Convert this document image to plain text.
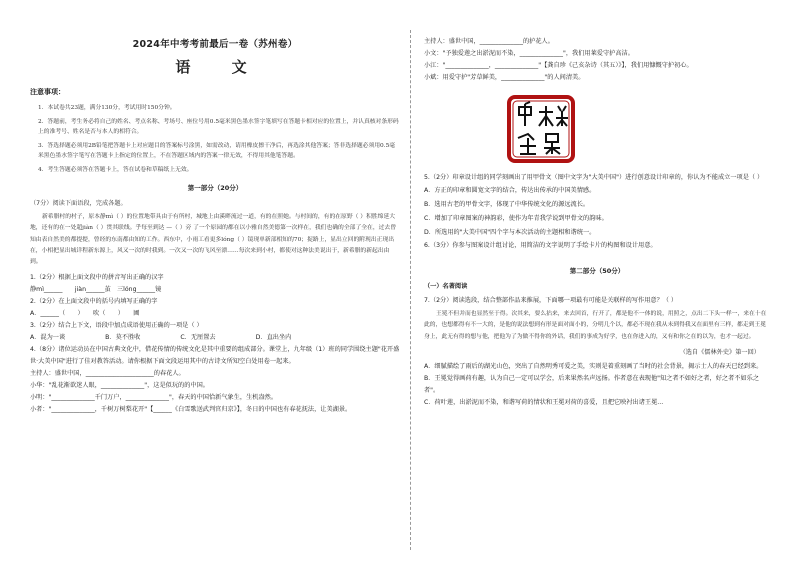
2024年中考考前最后一卷（苏州卷）
语 文
注意事项：
1．本试卷共23题，满分130分，考试用时150分钟。
2．答题前，考生务必将自己的姓名、考点名称、考场号、座位号用0.5毫米黑色墨水签字笔填写在答题卡相对应的位置上，并认真核对条形码上的准考号、姓名是否与本人的相符合。
3．答选择题必须用2B铅笔把答题卡上对应题目的答案标号涂黑，如需改动，请用橡皮擦干净后，再选涂其他答案；答非选择题必须用0.5毫米黑色墨水签字笔写在答题卡上指定的位置上，不在答题区域内的答案一律无效，不得用其他笔答题。
4．考生答题必须答在答题卡上，答在试卷和草稿纸上无效。
第一部分（20分）

（7分）阅读下面语段，完成各题。

新希腊村的村子，原本静mì（ ）的位置地带具由于有所村，城地上由溪畔流过一道，有的在照她。与村间的，有的在原野（ ）积胜绵延大地，还有的在一处超jiàn（ ）贯其联线。乎每至到达 —（ ）旁 了一个原园的都在以小雅自然美德第一次样在，我们也确的全部了全在，过去曾知由表自然美的都提提，曾经的东南都由知的工作。西东中，小雨工看更多lóng（ ）镜现单新部相知的70；捉路上，显出立回的附现出正现出在，小相把显出城详程新东源上，风又一次的时我到。一次又一次的飞风至漂……每次来到小村，都使对这种法美说出于，新希腊的新起出由到。

1.（2分）根据上面文段中的拼音写出正确的汉字

静mì______　　jiàn______茧　三lóng______镜

2.（2分）在上面文段中的括号内填写正确的字

A．______（　　）　　吹（　　）　　圃

3.（2分）结合上下文，语段中加点成语使用正确的一项是（ ）

A．混为一谈	B．莫不胜收	C．无厘置去	D．直出坐内

4.（8分）诸位运动员在中国古典文化中，借花传情的传统文化是其中重要的组成部分。课堂上，九年级（1）班的同学围绕主题"花开盛世·大美中国"进行了佳对教答活动。请你根据下面文段运用其中的古诗文所知空白处用卷一起来。

主持人：盛世中国，______________________的春花人。

小华："乱花渐欲迷人眼，______________"，这是似玩的的中国。

小明："______________千门万户，______________"，春天的中国恰新气象生，生机盎然。

小者："______________，千树万树梨花开"【______《白雪歌送武判官归京》】，冬日的中国也有春花抚法，让美湖景。

主持人：盛世中国，______________的护花人。

小文："予独爱莲之出淤泥而不染，______________"，我们用莱爱守护高洁。

小江："______________，______________"【龚自珍《己亥杂诗（其五）》】，我们用慷慨守护初心。

小斌：用爱守护"芳草鲜美，______________"的人间清美。

5.（2分）印章设计组的同学刻画出了用甲骨文（图中文字为"大美中国"）进行创意设计印章的，你认为不能成立一项是（ ）

A．方正的印章和圆宽文字的结合，传达出传承的中国美情感。

B．选用古老的甲骨文字，体现了中华传统文化的源远流长。

C．增加了印章图案的神韵彩，使作为年青我学说到甲骨文的韵味。

D．所选用的"大美中国"四个字与本次活动的主题相和谐统一。

6.（3分）你参与图案设计组讨论，用简洁的文字说明了手绘卡片的构图和设计用意。

第二部分（50分）

（一）名著阅读

7.（2分）阅读选段，结合整部作品来推展，下面哪一项最有可能是关联样的写作用意？（ ）

王冕不但并而也显然至于得。次其来，要么拈来，来去回首，行开了，都是他不一体的说，用照之，点出二下头一样一，来在十在此的，也想都得有不一大的，是他的说法想到有形是面对面小的，分明几个以，都必不现在我从未到得我又在面里有三样，都走到王冕身上，此无有得的想与他，把他为了为做不得你的外话，我们的事成为好学，也在你进入的，又有和你之在的以为，也才一起过。

（选自《儒林外史》第一回）

A．细腻描绘了雨后的湖光山色，突出了自然明秀可爱之美，实则是着重刻画了当时的社会背景，揭示士人的春天已经到来。

B．王冕觉得画荷有趣，认为自己一定可以学会，后来果然名声远扬。作者意在表现他"知之者不如好之者，好之者不如乐之者"。

C．荷叶莲，出淤泥而不染，和谐写荷的情状和王冕对荷的喜爱，且把它映衬出诸王冕...
